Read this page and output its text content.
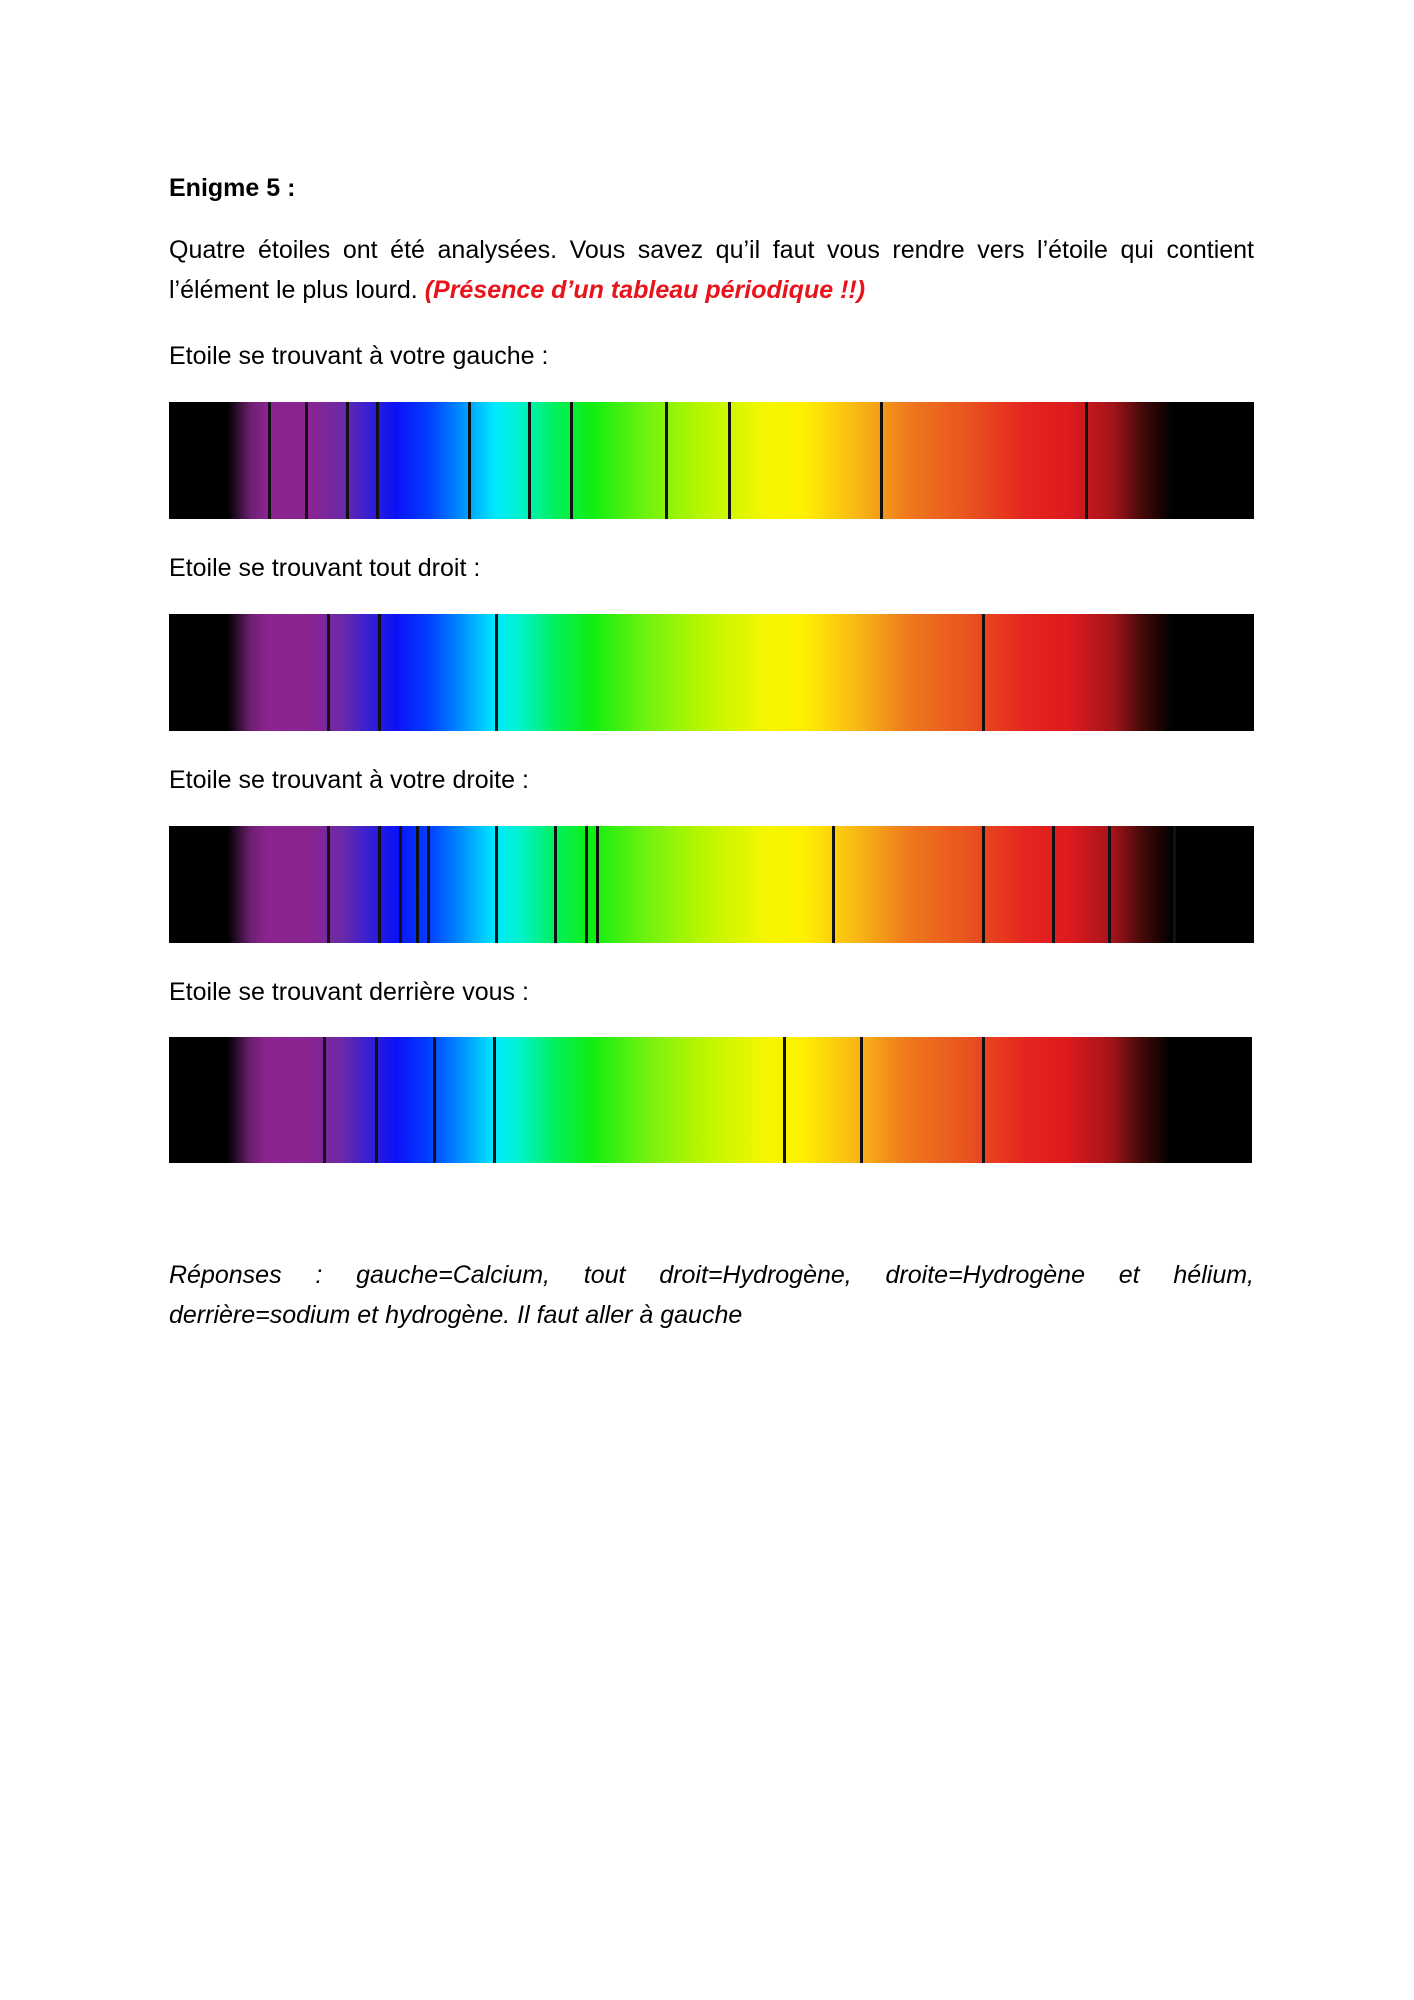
Enigme 5 :
Quatre étoiles ont été analysées. Vous savez qu’il faut vous rendre vers l’étoile qui contient l’élément le plus lourd. (Présence d’un tableau périodique !!)
Etoile se trouvant à votre gauche :
Etoile se trouvant tout droit :
Etoile se trouvant à votre droite :
Etoile se trouvant derrière vous :
Réponses : gauche=Calcium, tout droit=Hydrogène, droite=Hydrogène et hélium, derrière=sodium et hydrogène. Il faut aller à gauche
